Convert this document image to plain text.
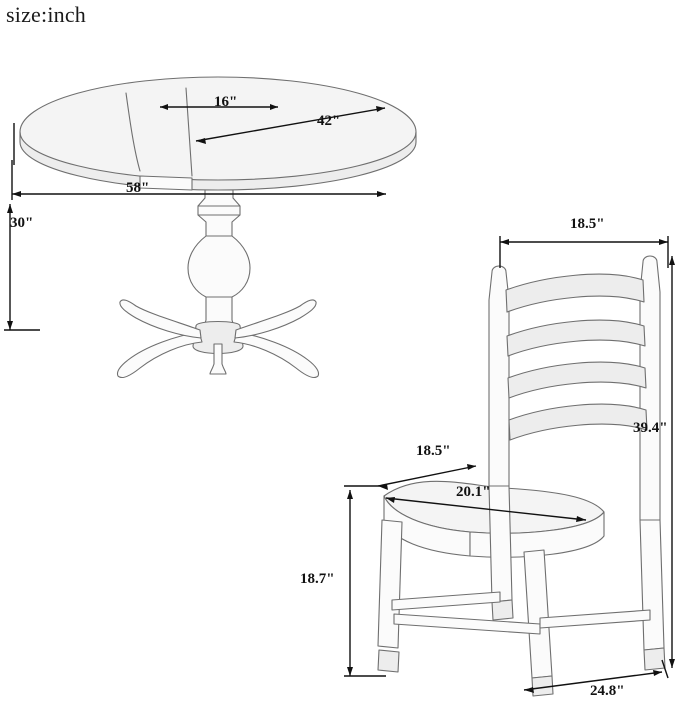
size:inch
16"
42"
58"
30"	18.5"
39.4"
18.5"
20.1"
18.7"
24.8"
